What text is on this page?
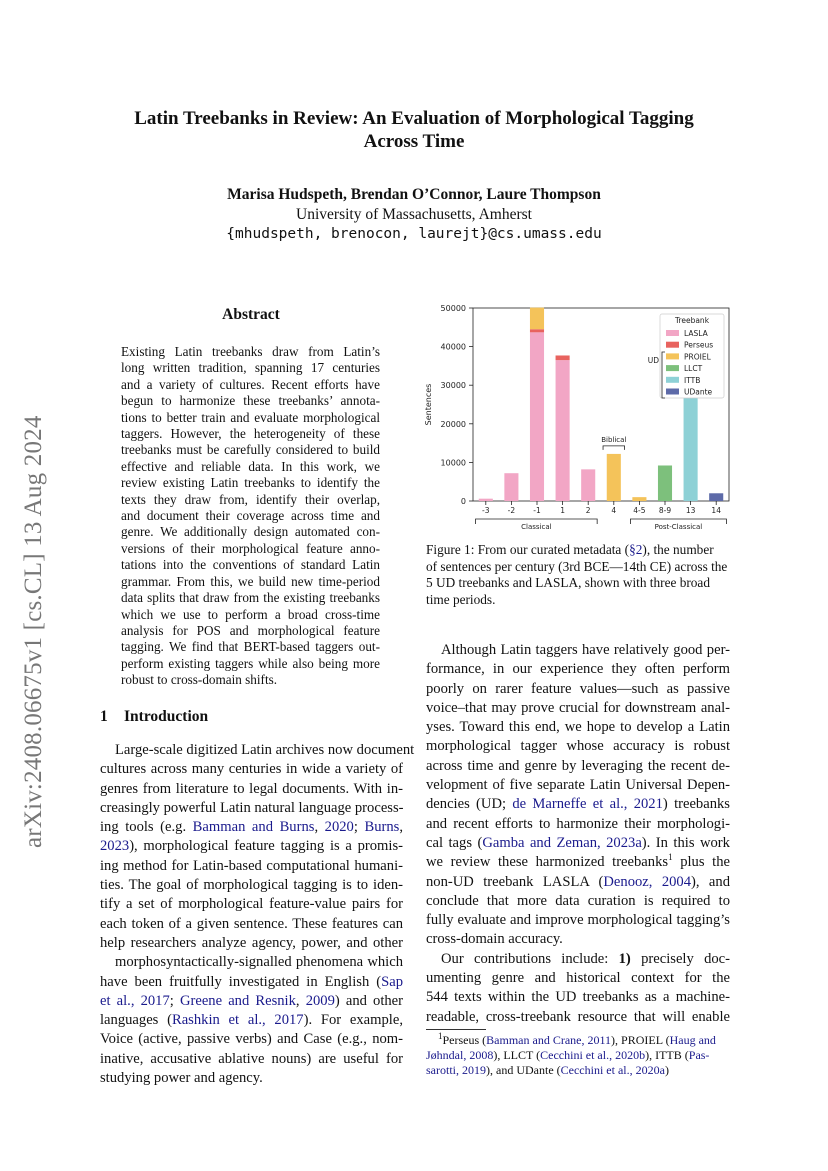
Latin Treebanks in Review: An Evaluation of Morphological Tagging
Across Time
Marisa Hudspeth, Brendan O’Connor, Laure Thompson
University of Massachusetts, Amherst
{mhudspeth, brenocon, laurejt}@cs.umass.edu
arXiv:2408.06675v1 [cs.CL] 13 Aug 2024
Abstract
Existing Latin treebanks draw from Latin’s
long written tradition, spanning 17 centuries
and a variety of cultures. Recent efforts have
begun to harmonize these treebanks’ annota-
tions to better train and evaluate morphological
taggers. However, the heterogeneity of these
treebanks must be carefully considered to build
effective and reliable data. In this work, we
review existing Latin treebanks to identify the
texts they draw from, identify their overlap,
and document their coverage across time and
genre. We additionally design automated con-
versions of their morphological feature anno-
tations into the conventions of standard Latin
grammar. From this, we build new time-period
data splits that draw from the existing treebanks
which we use to perform a broad cross-time
analysis for POS and morphological feature
tagging. We find that BERT-based taggers out-
perform existing taggers while also being more
robust to cross-domain shifts.
1 Introduction
Large-scale digitized Latin archives now document
cultures across many centuries in wide a variety of
genres from literature to legal documents. With in-
creasingly powerful Latin natural language process-
ing tools (e.g. Bamman and Burns, 2020; Burns,
2023), morphological feature tagging is a promis-
ing method for Latin-based computational humani-
ties. The goal of morphological tagging is to iden-
tify a set of morphological feature-value pairs for
each token of a given sentence. These features can
help researchers analyze agency, power, and other
morphosyntactically-signalled phenomena which
have been fruitfully investigated in English (Sap
et al., 2017; Greene and Resnik, 2009) and other
languages (Rashkin et al., 2017). For example,
Voice (active, passive verbs) and Case (e.g., nom-
inative, accusative ablative nouns) are useful for
studying power and agency.
0
10000
20000
30000
40000
50000
Sentences
-3 -2 -1	1	2	4 4-5 8-9 13 14
Classical	Post-Classical
Biblical
Treebank
LASLA
Perseus
PROIEL
LLCT
ITTB
UDante
UD
Figure 1: From our curated metadata (§2), the number
of sentences per century (3rd BCE—14th CE) across the
5 UD treebanks and LASLA, shown with three broad
time periods.
Although Latin taggers have relatively good per-
formance, in our experience they often perform
poorly on rarer feature values—such as passive
voice–that may prove crucial for downstream anal-
yses. Toward this end, we hope to develop a Latin
morphological tagger whose accuracy is robust
across time and genre by leveraging the recent de-
velopment of five separate Latin Universal Depen-
dencies (UD; de Marneffe et al., 2021) treebanks
and recent efforts to harmonize their morphologi-
cal tags (Gamba and Zeman, 2023a). In this work
we review these harmonized treebanks$^1$ plus the
non-UD treebank LASLA (Denooz, 2004), and
conclude that more data curation is required to
fully evaluate and improve morphological tagging’s
cross-domain accuracy.
Our contributions include: 1) precisely doc-
umenting genre and historical context for the
544 texts within the UD treebanks as a machine-
readable, cross-treebank resource that will enable
$^1$Perseus (Bamman and Crane, 2011), PROIEL (Haug and
Jøhndal, 2008), LLCT (Cecchini et al., 2020b), ITTB (Pas-
sarotti, 2019), and UDante (Cecchini et al., 2020a)
